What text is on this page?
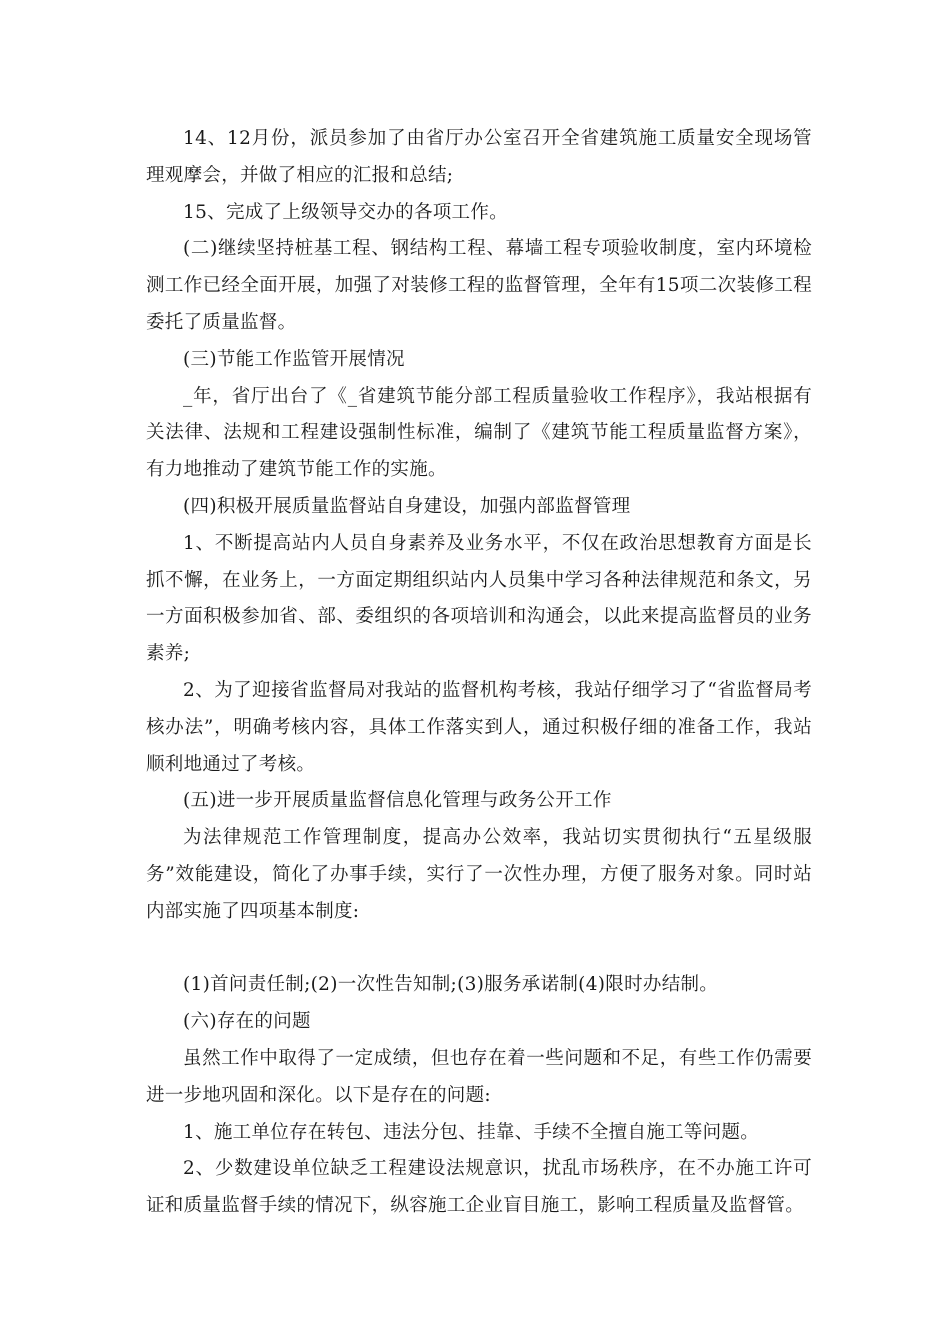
14、12月份，派员参加了由省厅办公室召开全省建筑施工质量安全现场管理观摩会，并做了相应的汇报和总结;

15、完成了上级领导交办的各项工作。

(二)继续坚持桩基工程、钢结构工程、幕墙工程专项验收制度，室内环境检测工作已经全面开展，加强了对装修工程的监督管理，全年有15项二次装修工程委托了质量监督。

(三)节能工作监管开展情况

_年，省厅出台了《_省建筑节能分部工程质量验收工作程序》，我站根据有关法律、法规和工程建设强制性标准，编制了《建筑节能工程质量监督方案》，有力地推动了建筑节能工作的实施。

(四)积极开展质量监督站自身建设，加强内部监督管理

1、不断提高站内人员自身素养及业务水平，不仅在政治思想教育方面是长抓不懈，在业务上，一方面定期组织站内人员集中学习各种法律规范和条文，另一方面积极参加省、部、委组织的各项培训和沟通会，以此来提高监督员的业务素养;

2、为了迎接省监督局对我站的监督机构考核，我站仔细学习了“省监督局考核办法”，明确考核内容，具体工作落实到人，通过积极仔细的准备工作，我站顺利地通过了考核。

(五)进一步开展质量监督信息化管理与政务公开工作

为法律规范工作管理制度，提高办公效率，我站切实贯彻执行“五星级服务”效能建设，简化了办事手续，实行了一次性办理，方便了服务对象。同时站内部实施了四项基本制度:

(1)首问责任制;(2)一次性告知制;(3)服务承诺制(4)限时办结制。

(六)存在的问题

虽然工作中取得了一定成绩，但也存在着一些问题和不足，有些工作仍需要进一步地巩固和深化。以下是存在的问题:

1、施工单位存在转包、违法分包、挂靠、手续不全擅自施工等问题。

2、少数建设单位缺乏工程建设法规意识，扰乱市场秩序，在不办施工许可证和质量监督手续的情况下，纵容施工企业盲目施工，影响工程质量及监督管。
